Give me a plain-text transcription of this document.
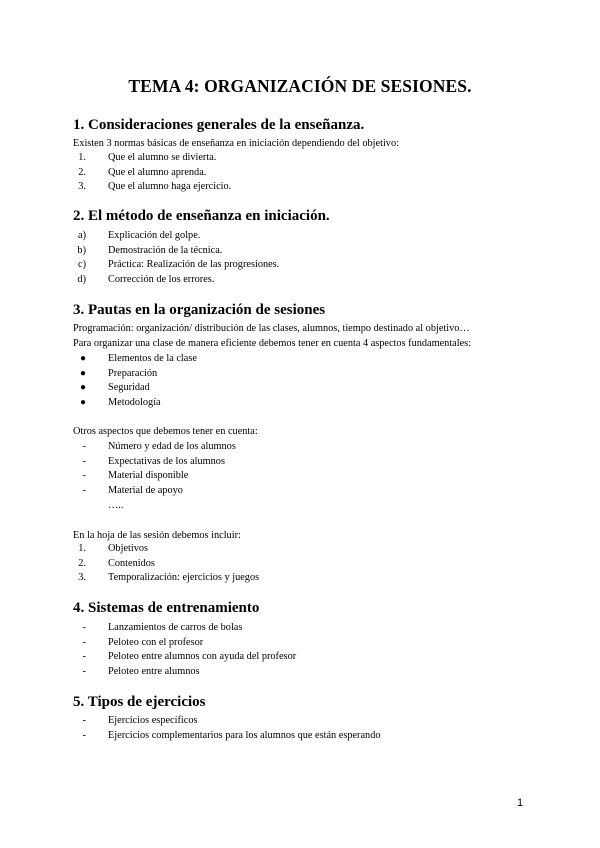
TEMA 4: ORGANIZACIÓN DE SESIONES.
1. Consideraciones generales de la enseñanza.

Existen 3 normas básicas de enseñanza en iniciación dependiendo del objetivo:

1. Que el alumno se divierta.
2. Que el alumno aprenda.
3. Que el alumno haga ejercicio.
2. El método de enseñanza en iniciación.
a) Explicación del golpe.
b) Demostración de la técnica.
c) Práctica: Realización de las progresiones.
d) Corrección de los errores.
3. Pautas en la organización de sesiones

Programación: organización/ distribución de las clases, alumnos, tiempo destinado al objetivo…

Para organizar una clase de manera eficiente debemos tener en cuenta 4 aspectos fundamentales:

● Elementos de la clase
● Preparación
● Seguridad
● Metodología

Otros aspectos que debemos tener en cuenta:

- Número y edad de los alumnos
- Expectativas de los alumnos
- Material disponible
- Material de apoyo
…..

En la hoja de las sesión debemos incluir:

1. Objetivos
2. Contenidos
3. Temporalización: ejercicios y juegos
4. Sistemas de entrenamiento
- Lanzamientos de carros de bolas
- Peloteo con el profesor
- Peloteo entre alumnos con ayuda del profesor
- Peloteo entre alumnos
5. Tipos de ejercicios
- Ejercicios específicos
- Ejercicios complementarios para los alumnos que están esperando
1
